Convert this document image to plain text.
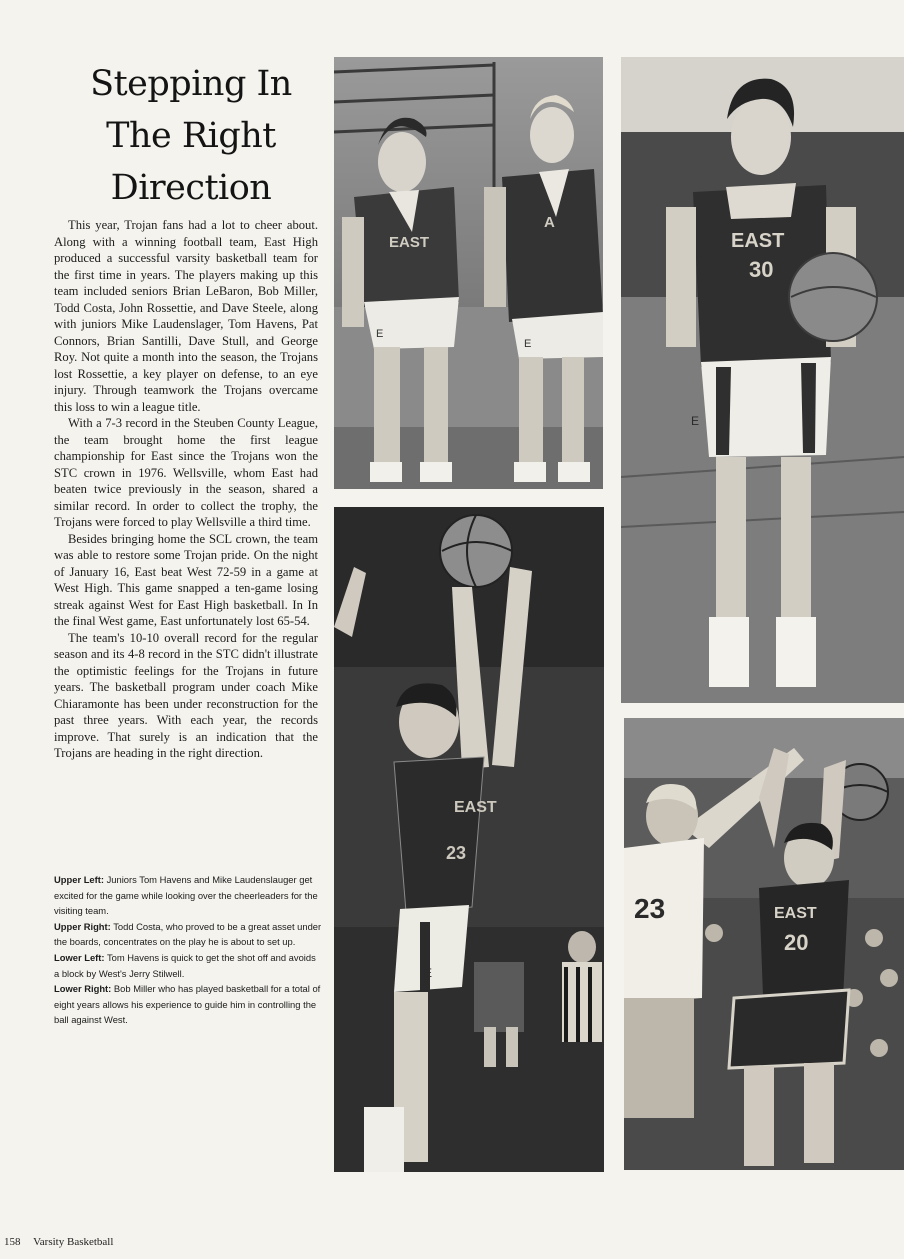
Stepping In
The Right
Direction

This year, Trojan fans had a lot to cheer about. Along with a winning football team, East High produced a successful varsity basketball team for the first time in years. The players making up this team included seniors Brian LeBaron, Bob Miller, Todd Costa, John Rossettie, and Dave Steele, along with juniors Mike Laudenslager, Tom Havens, Pat Connors, Brian Santilli, Dave Stull, and George Roy. Not quite a month into the season, the Trojans lost Rossettie, a key player on defense, to an eye injury. Through teamwork the Trojans overcame this loss to win a league title.

With a 7-3 record in the Steuben County League, the team brought home the first league championship for East since the Trojans won the STC crown in 1976. Wellsville, whom East had beaten twice previously in the season, shared a similar record. In order to collect the trophy, the Trojans were forced to play Wellsville a third time.

Besides bringing home the SCL crown, the team was able to restore some Trojan pride. On the night of January 16, East beat West 72-59 in a game at West High. This game snapped a ten-game losing streak against West for East High basketball. In In the final West game, East unfortunately lost 65-54.

The team's 10-10 overall record for the regular season and its 4-8 record in the STC didn't illustrate the optimistic feelings for the Trojans in future years. The basketball program under coach Mike Chiaramonte has been under reconstruction for the past three years. With each year, the records improve. That surely is an indication that the Trojans are heading in the right direction.

Upper Left: Juniors Tom Havens and Mike Laudenslauger get excited for the game while looking over the cheerleaders for the visiting team.

Upper Right: Todd Costa, who proved to be a great asset under the boards, concentrates on the play he is about to set up.

Lower Left: Tom Havens is quick to get the shot off and avoids a block by West's Jerry Stilwell.

Lower Right: Bob Miller who has played basketball for a total of eight years allows his experience to guide him in controlling the ball against West.

EAST
E
A
E
EAST
30
E
EAST
23
E
23	EAST
20
158 Varsity Basketball
